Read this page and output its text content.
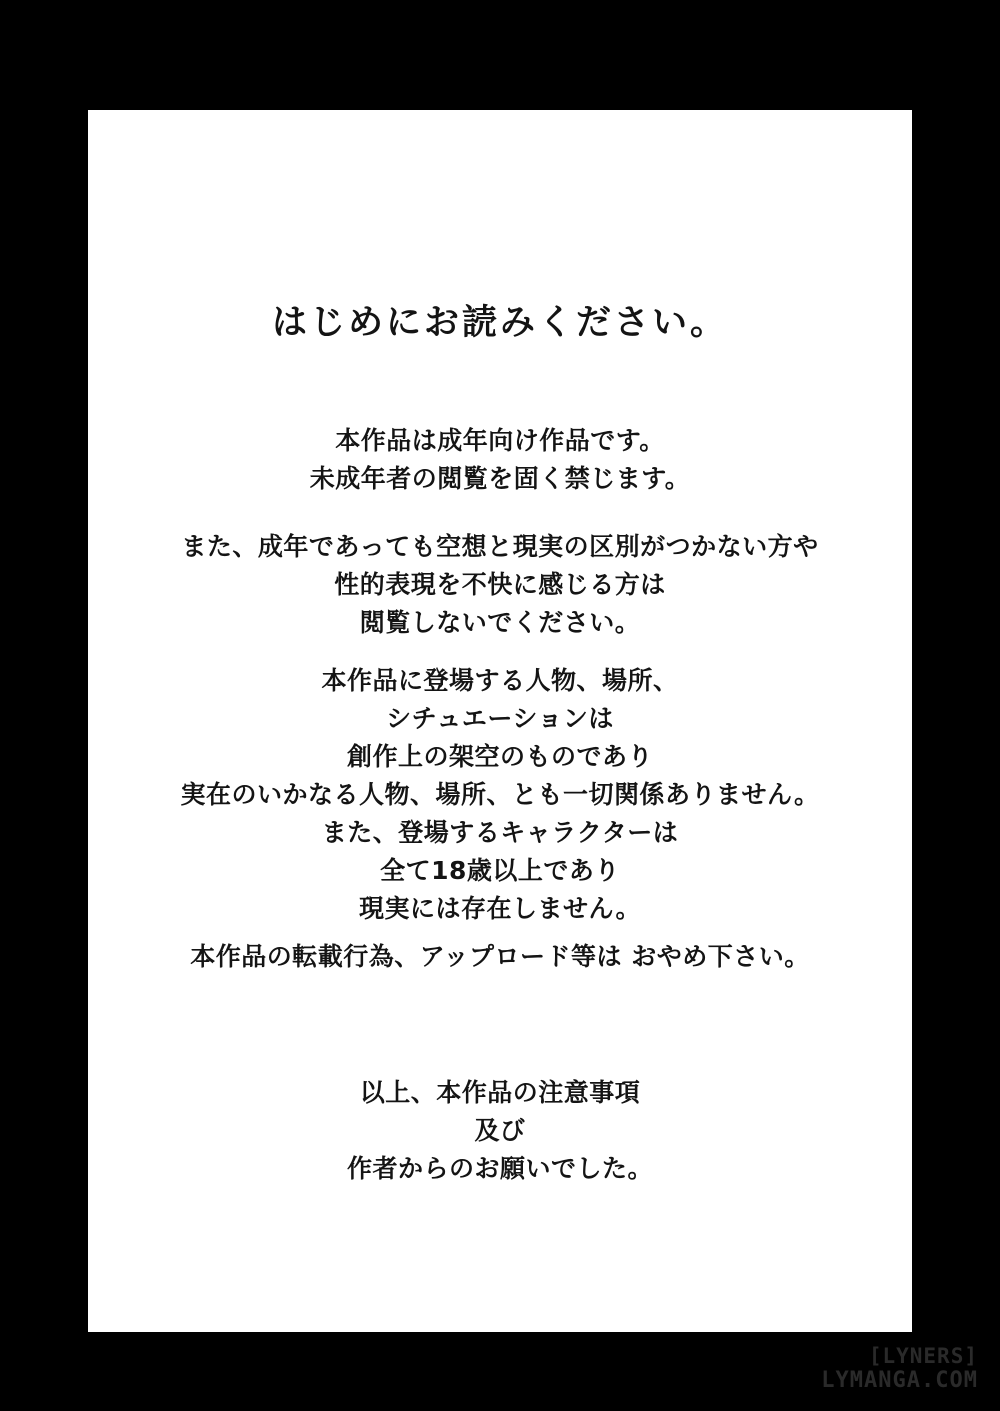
はじめにお読みください。
本作品は成年向け作品です。
未成年者の閲覧を固く禁じます。
また、成年であっても空想と現実の区別がつかない方や
性的表現を不快に感じる方は
閲覧しないでください。
本作品に登場する人物、場所、
シチュエーションは
創作上の架空のものであり
実在のいかなる人物、場所、とも一切関係ありません。
また、登場するキャラクターは
全て18歳以上であり
現実には存在しません。
本作品の転載行為、アップロード等は おやめ下さい。
以上、本作品の注意事項
及び
作者からのお願いでした。
[LYNERS]
LYMANGA.COM
